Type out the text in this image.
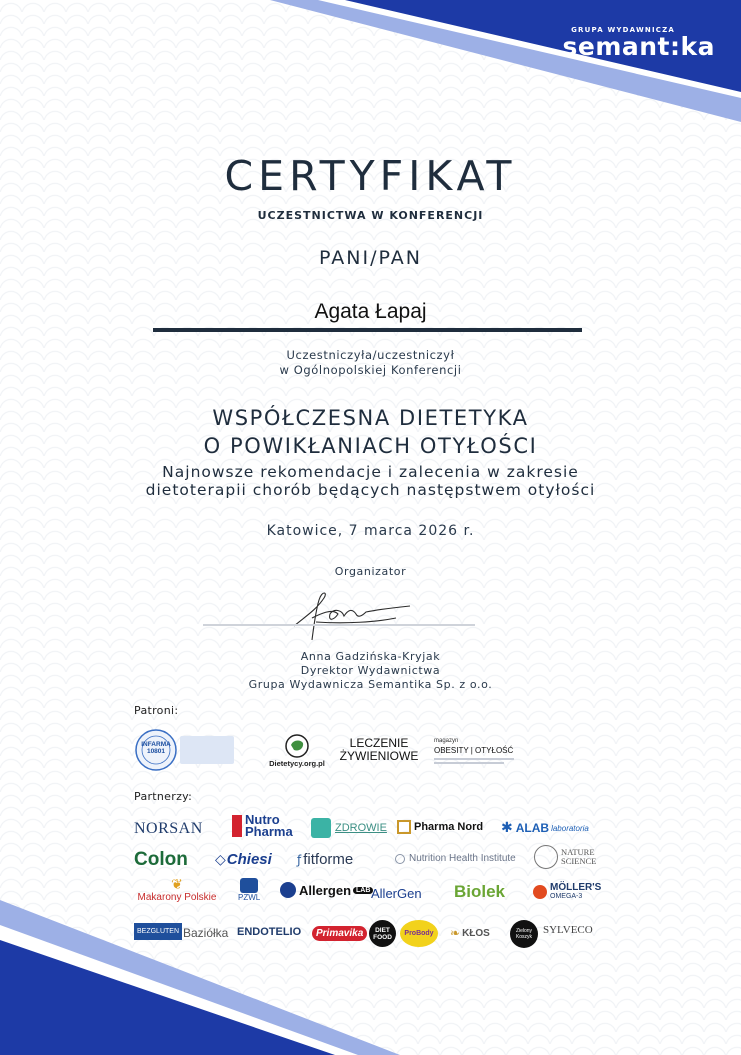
GRUPA WYDAWNICZA
semant:ka
CERTYFIKAT
UCZESTNICTWA W KONFERENCJI
PANI/PAN
Agata Łapaj
Uczestniczyła/uczestniczył
w Ogólnopolskiej Konferencji
WSPÓŁCZESNA DIETETYKA
O POWIKŁANIACH OTYŁOŚCI
Najnowsze rekomendacje i zalecenia w zakresie
dietoterapii chorób będących następstwem otyłości
Katowice, 7 marca 2026 r.
Organizator
Anna Gadzińska-Kryjak
Dyrektor Wydawnictwa
Grupa Wydawnicza Semantika Sp. z o.o.
Patroni:
INFARMA
10801
Dietetycy.org.pl
LECZENIE
ŻYWIENIOWE
magazyn
OBESITY | OTYŁOŚĆ
Partnerzy:
NORSAN
Nutro Pharma	ZDROWIE Pharma Nord ✱ ALAB laboratoria
Colon ◇ Chiesi ƒ fitforme	Nutrition Health Institute
NATURE SCIENCE
❦
Makarony Polskie	PZWL	Allergen LAB AllerGen Biolek	MÖLLER'S
OMEGA-3
BEZGLUTEN Baziółka ENDOTELIO	Primavika	DIET FOOD ProBody ❧ KŁOS	Zielony Koszyk
SYLVECO
